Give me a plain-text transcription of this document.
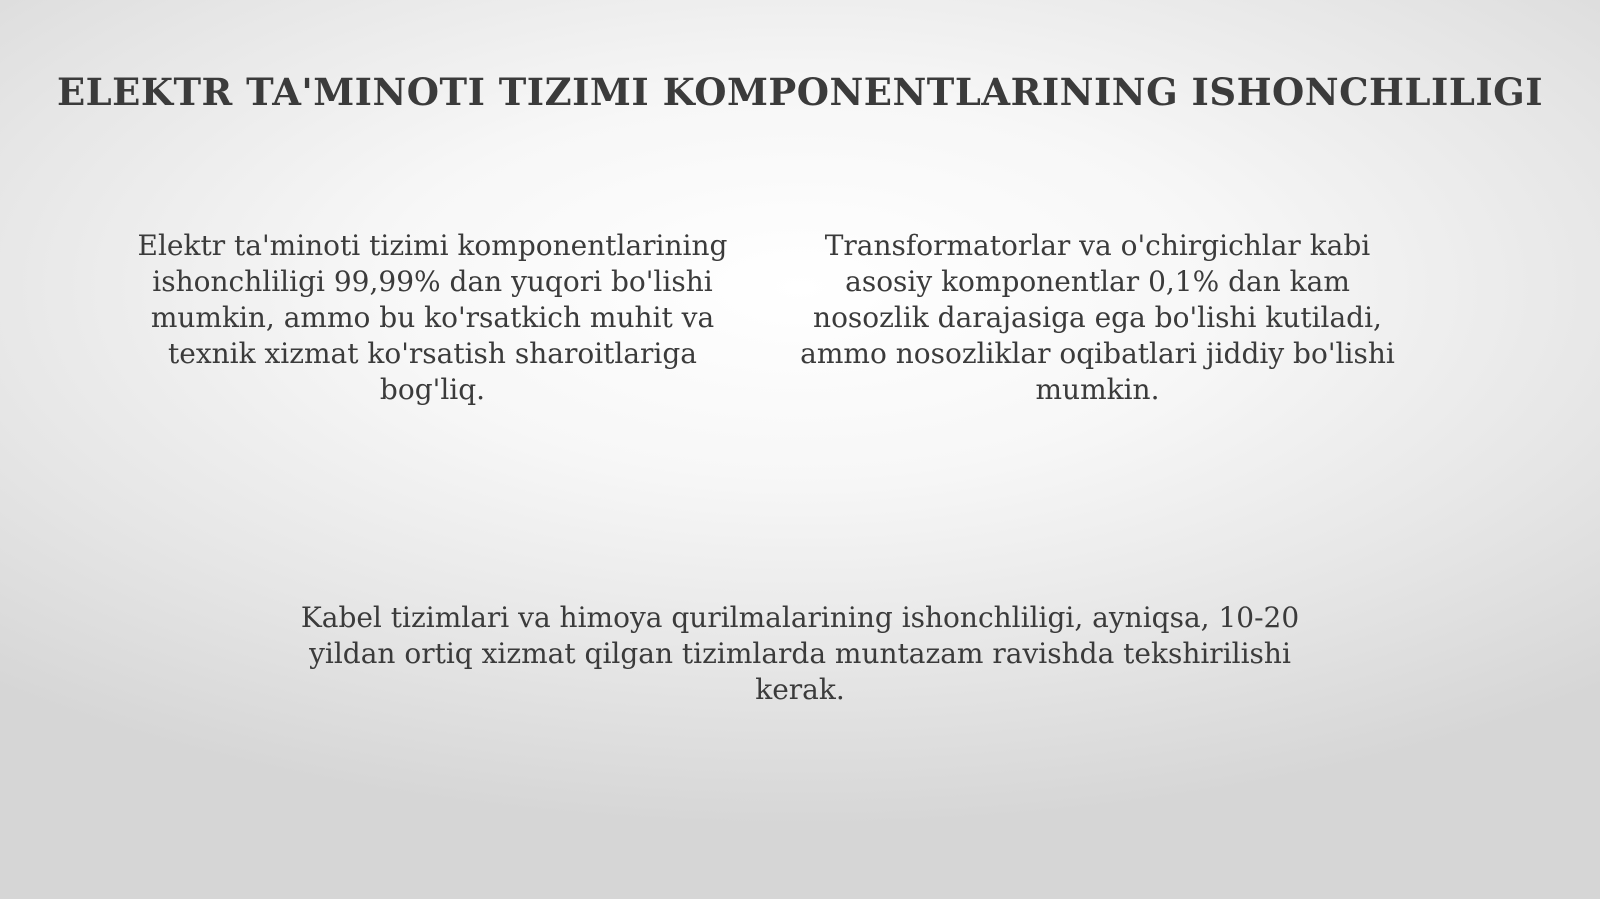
ELEKTR TA'MINOTI TIZIMI KOMPONENTLARINING ISHONCHLILIGI

Elektr ta'minoti tizimi komponentlarining ishonchliligi 99,99% dan yuqori bo'lishi mumkin, ammo bu ko'rsatkich muhit va texnik xizmat ko'rsatish sharoitlariga bog'liq.

Transformatorlar va o'chirgichlar kabi asosiy komponentlar 0,1% dan kam nosozlik darajasiga ega bo'lishi kutiladi, ammo nosozliklar oqibatlari jiddiy bo'lishi mumkin.

Kabel tizimlari va himoya qurilmalarining ishonchliligi, ayniqsa, 10-20 yildan ortiq xizmat qilgan tizimlarda muntazam ravishda tekshirilishi kerak.
